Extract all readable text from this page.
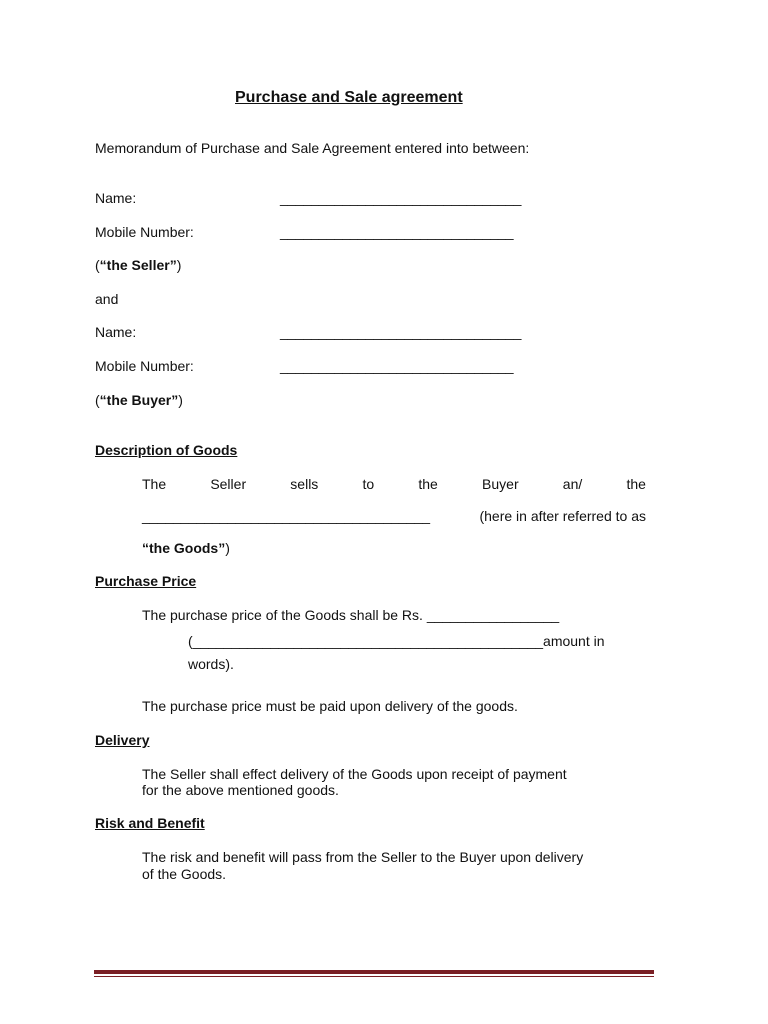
Purchase and Sale agreement
Memorandum of Purchase and Sale Agreement entered into between:
Name:	_______________________________
Mobile Number:	______________________________
(“the Seller”)
and
Name:	_______________________________
Mobile Number:	______________________________
(“the Buyer”)
Description of Goods
The	Seller	sells	to	the	Buyer	an/	the
_____________________________________	(here in after referred to as
“the Goods”)
Purchase Price
The purchase price of the Goods shall be Rs. _________________
(_____________________________________________amount in
words).
The purchase price must be paid upon delivery of the goods.
Delivery
The Seller shall effect delivery of the Goods upon receipt of payment
for the above mentioned goods.
Risk and Benefit
The risk and benefit will pass from the Seller to the Buyer upon delivery
of the Goods.
